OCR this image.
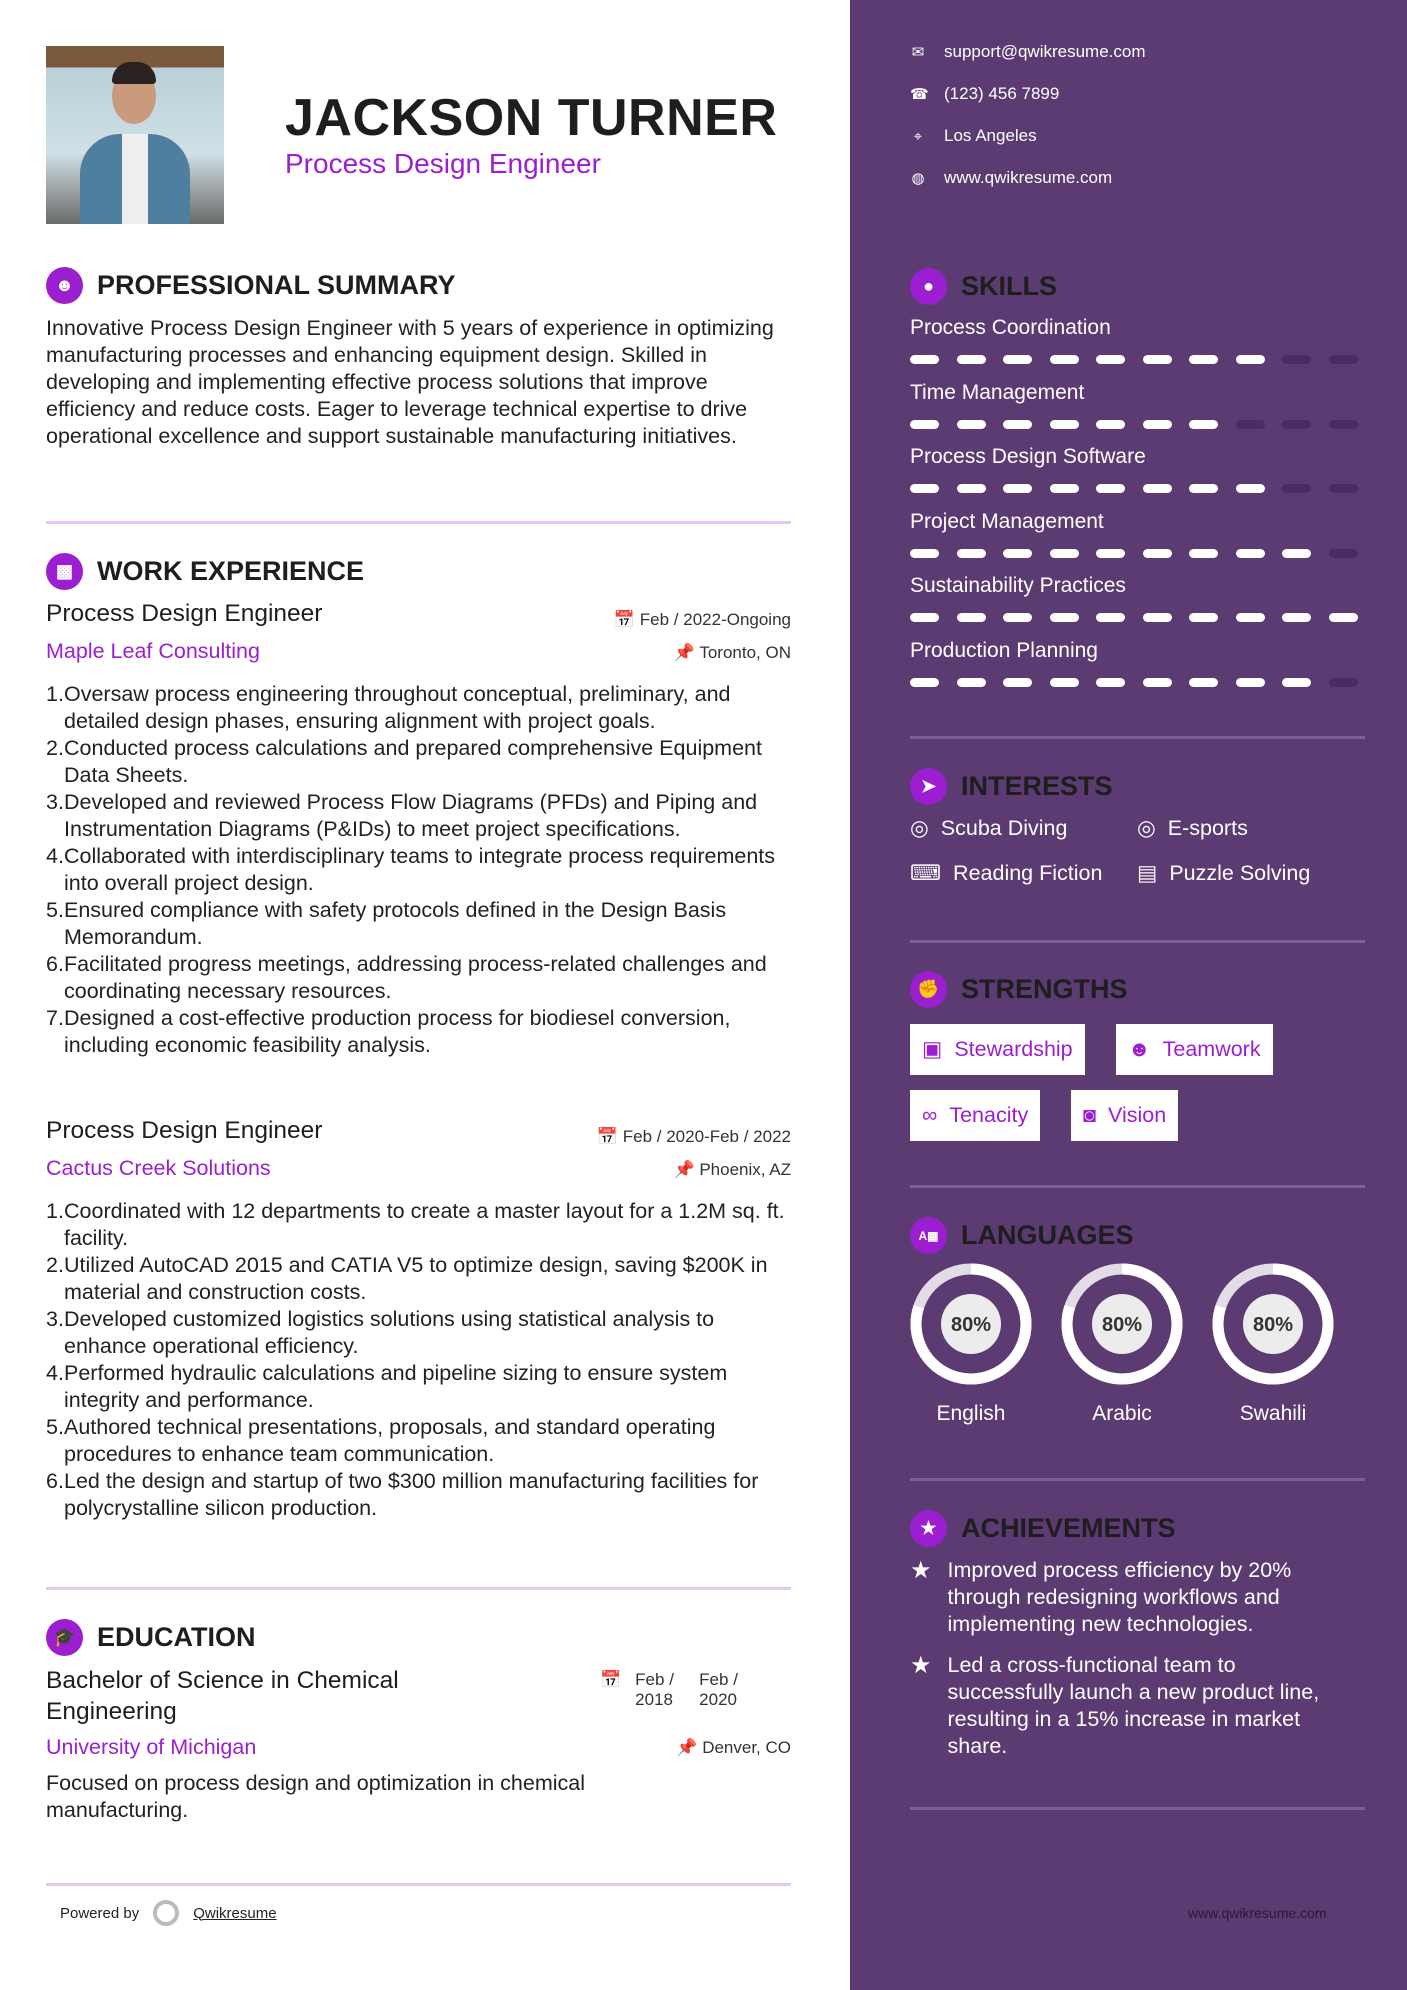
JACKSON TURNER
Process Design Engineer
☻ PROFESSIONAL SUMMARY

Innovative Process Design Engineer with 5 years of experience in optimizing manufacturing processes and enhancing equipment design. Skilled in developing and implementing effective process solutions that improve efficiency and reduce costs. Eager to leverage technical expertise to drive operational excellence and support sustainable manufacturing initiatives.

▩ WORK EXPERIENCE
Process Design Engineer	📅 Feb / 2022-Ongoing
Maple Leaf Consulting	📌 Toronto, ON
1. Oversaw process engineering throughout conceptual, preliminary, and detailed design phases, ensuring alignment with project goals.
2. Conducted process calculations and prepared comprehensive Equipment Data Sheets.
3. Developed and reviewed Process Flow Diagrams (PFDs) and Piping and Instrumentation Diagrams (P&IDs) to meet project specifications.
4. Collaborated with interdisciplinary teams to integrate process requirements into overall project design.
5. Ensured compliance with safety protocols defined in the Design Basis Memorandum.
6. Facilitated progress meetings, addressing process-related challenges and coordinating necessary resources.
7. Designed a cost-effective production process for biodiesel conversion, including economic feasibility analysis.
Process Design Engineer	📅 Feb / 2020-Feb / 2022
Cactus Creek Solutions	📌 Phoenix, AZ
1. Coordinated with 12 departments to create a master layout for a 1.2M sq. ft. facility.
2. Utilized AutoCAD 2015 and CATIA V5 to optimize design, saving $200K in material and construction costs.
3. Developed customized logistics solutions using statistical analysis to enhance operational efficiency.
4. Performed hydraulic calculations and pipeline sizing to ensure system integrity and performance.
5. Authored technical presentations, proposals, and standard operating procedures to enhance team communication.
6. Led the design and startup of two $300 million manufacturing facilities for polycrystalline silicon production.
🎓 EDUCATION
Bachelor of Science in Chemical Engineering
📅 Feb / 2018
Feb / 2020
University of Michigan	📌 Denver, CO

Focused on process design and optimization in chemical manufacturing.

Powered by	Qwikresume
●	SKILLS
➤ INTERESTS
✊ STRENGTHS
A▦ LANGUAGES
80%
English
80%
Arabic
80%
Swahili
★ ACHIEVEMENTS
www.qwikresume.com
✉ support@qwikresume.com
☎ (123) 456 7899
⌖ Los Angeles
◍ www.qwikresume.com
Process Coordination
Time Management
Process Design Software
Project Management
Sustainability Practices
Production Planning
◎ Scuba Diving	◎ E-sports
⌨ Reading Fiction ▤ Puzzle Solving
▣ Stewardship	☻ Teamwork
∞ Tenacity	◙ Vision
★ Improved process efficiency by 20% through redesigning workflows and implementing new technologies.
★ Led a cross-functional team to successfully launch a new product line, resulting in a 15% increase in market share.
